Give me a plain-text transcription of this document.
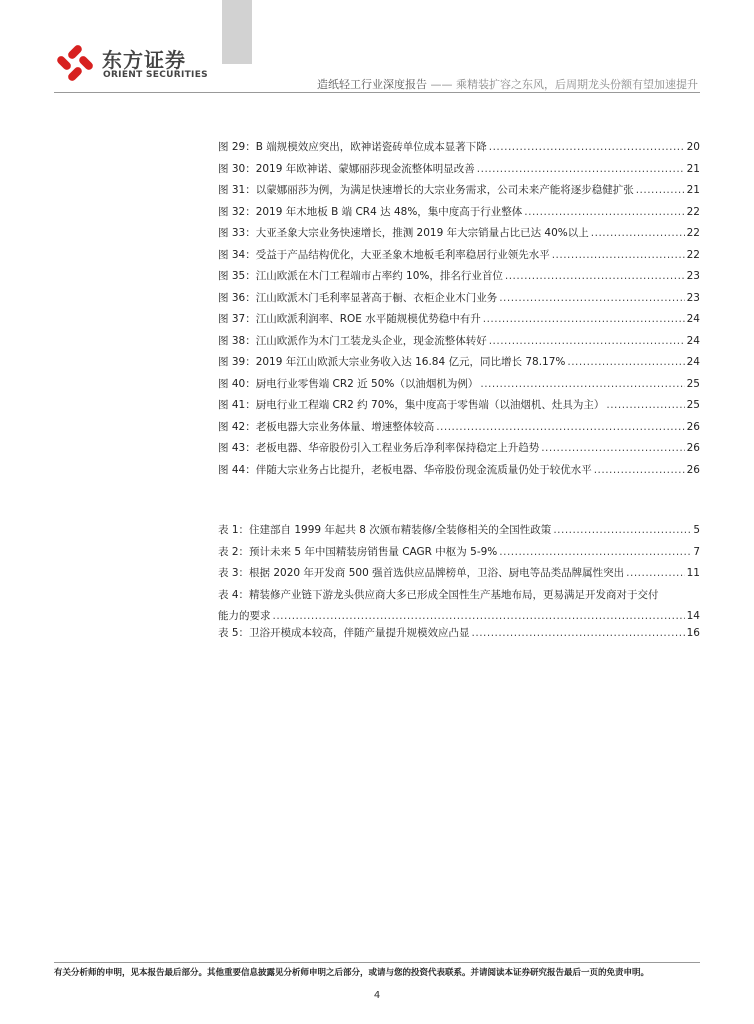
东方证券
ORIENT SECURITIES
造纸轻工行业深度报告 —— 乘精装扩容之东风，后周期龙头份额有望加速提升
图 29：B 端规模效应突出，欧神诺瓷砖单位成本显著下降 .....	20
图 30：2019 年欧神诺、蒙娜丽莎现金流整体明显改善 .....	21
图 31：以蒙娜丽莎为例，为满足快速增长的大宗业务需求，公司未来产能将逐步稳健扩张 .....	21
图 32：2019 年木地板 B 端 CR4 达 48%，集中度高于行业整体 .....	22
图 33：大亚圣象大宗业务快速增长，推测 2019 年大宗销量占比已达 40%以上 .....	22
图 34：受益于产品结构优化，大亚圣象木地板毛利率稳居行业领先水平 .....	22
图 35：江山欧派在木门工程端市占率约 10%，排名行业首位 .....	23
图 36：江山欧派木门毛利率显著高于橱、衣柜企业木门业务 .....	23
图 37：江山欧派利润率、ROE 水平随规模优势稳中有升 .....	24
图 38：江山欧派作为木门工装龙头企业，现金流整体转好 .....	24
图 39：2019 年江山欧派大宗业务收入达 16.84 亿元，同比增长 78.17% .....	24
图 40：厨电行业零售端 CR2 近 50%（以油烟机为例） .....	25
图 41：厨电行业工程端 CR2 约 70%，集中度高于零售端（以油烟机、灶具为主） .....	25
图 42：老板电器大宗业务体量、增速整体较高 .....	26
图 43：老板电器、华帝股份引入工程业务后净利率保持稳定上升趋势 .....	26
图 44：伴随大宗业务占比提升，老板电器、华帝股份现金流质量仍处于较优水平 .....	26
表 1：住建部自 1999 年起共 8 次颁布精装修/全装修相关的全国性政策 .....	5
表 2：预计未来 5 年中国精装房销售量 CAGR 中枢为 5-9% .....	7
表 3：根据 2020 年开发商 500 强首选供应品牌榜单，卫浴、厨电等品类品牌属性突出 .....	11
表 4：精装修产业链下游龙头供应商大多已形成全国性生产基地布局，更易满足开发商对于交付
能力的要求 .....	14
表 5：卫浴开模成本较高，伴随产量提升规模效应凸显 .....	16
有关分析师的申明，见本报告最后部分。其他重要信息披露见分析师申明之后部分，或请与您的投资代表联系。并请阅读本证券研究报告最后一页的免责申明。
4
